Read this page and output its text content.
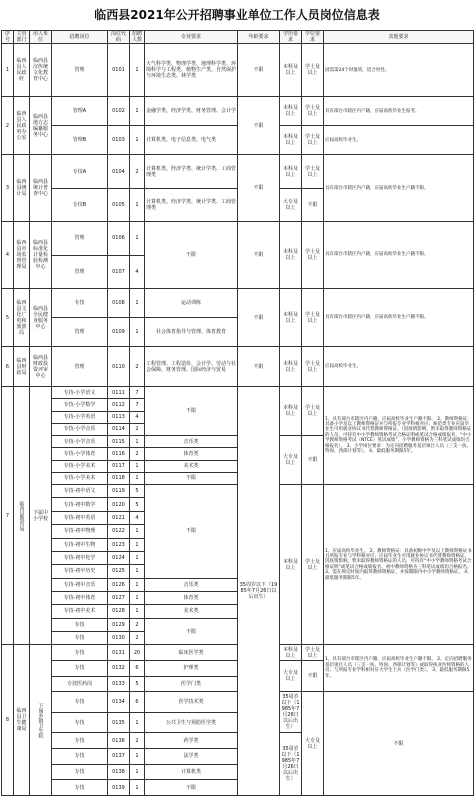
临西县2021年公开招聘事业单位工作人员岗位信息表
序号	主管部门	用人单位	招聘岗位	岗位代码	招聘人数	专业要求	年龄要求	学历要求	学位要求	其他要求	
1	临西县人民政府	临西县汉传统文化教育中心	管理	0101	1	大气科学类、物理学类、地理科学类、环境科学与工程类、植物生产类、自然保护与环境生态类、林学类	不限	本科及以上	学士及以上	园需第24个时值班，适合男性。	
2	临西县人民政府办公室	临西县地方志编纂服务中心	管理A	0102	1	金融学类、经济学类、财务管理、会计学	不限	本科及以上	学士及以上	具有部台市辖区内户籍，应届高校毕业生报考。	
			管理B	0103	1	计算机类、电子信息类、电气类		本科及以上	学士及以上	应届高校毕业生。	
3	临西县统计局	临西县统计普查中心	专技A	0104	2	计算机类、经济学类、统计学类、工商管理类	不限	本科及以上	学士及以上	具有部台市辖区内户籍，应届高校毕业生户籍不限。	
			专技B	0105	1	计算机类、经济学类、统计学类、工商管理类		大专及以上	不限		
4	临西县市场监督管理局	临西县标准化计量检验检测中心	管理	0106	1	不限	不限	本科及以上	学士及以上	具有部台市辖区内户籍，应届高校毕业生户籍不限。	
			管理	0107	4						
5	临西县文化广电和旅游局	临西县全民健身服务中心	专技	0108	1	运动训练	不限	本科及以上	学士及以上	具有部台市辖区内户籍，应届高校毕业生户籍不限。	
			管理	0109	1	社会体育指导与管理、体育教育					
6	临西县财政局	临西县财政投资评审中心	管理	0110	2	工程管理、工程造价、会计学、劳动与社会保障、财务管理、国际经济与贸易	不限	本科及以上	学士及以上	应届高校毕业生。	
7	临西县教育局	下属中小学校	专技-小学语文	0111	7	不限	35周岁以下（1985年7月26日以后出生）	本科及以上	学士及以上	1、具有部台市辖区内户籍，应届高校毕业生户籍不限。 2、教师资格证：具备小学及以上教师资格证并与所报专业学科相对应；师范类专业应届毕业生可用就业协议书代替教师资格证。（因疫情影响，暂未取得教师资格证的人员，可持有中小学教师资格考试合格证明或笔试合格成绩报名，“中小学教师资格考试（NTCE）笔试成绩”，小学教师资格为三科笔试成绩均合格报名）。 3、小学岗位要求：为定向招聘服务基层项目人员（三支一扶、特岗、西部计划等）。 4、最低服务期限5年。	
			专技-小学数学	0112	7						
			专技-小学英语	0113	4						
			专技-小学音乐	0114	2						
			专技-小学音乐	0115	1	音乐类		大专及以上	不限		
			专技-小学体育	0116	2	体育类					
			专技-小学美术	0117	1	美术类					
			专技-小学美术	0118	1	不限					
			专技-初中语文	0119	5	不限		本科及以上	学士及以上	1、应届高校毕业生。 2、教师资格证：具备初级中学及以上教师资格证书且所报专业与学科相对应；应届毕业生可用就业协议书代替教师资格证。因疫情影响，暂未取得教师资格证的人员，可持有“中小学教师资格考试合格证明”或笔试合格成绩报名。初中教师资格为三科笔试成绩均合格报名。 3、需在规定时间内取得教师资格证，并按期限内中小学教师资格证。 4、最低服务期限5年。	
			专技-初中数学	0120	5						
			专技-初中英语	0121	4						
			专技-初中物理	0122	1						
			专技-初中生物	0123	1						
			专技-初中化学	0124	1						
			专技-初中历史	0125	1						
			专技-初中音乐	0126	1	音乐类					
			专技-初中体育	0127	1	体育类					
			专技-初中美术	0128	1	美术类					
			专技	0129	2	不限					
			专技	0130	2						
8	临西县卫生健康局	下属乡镇卫生院	专技	0131	20	临床医学类		本科及以上	学士及以上	1、具有部台市辖区内户籍，应届高校毕业生户籍不限。 2、定向招聘服务基层项目人员（三支一扶、特岗、西部计划等）或取得执业医师资格的人员；与所报专业学科相对应大学生士兵（医学门类）。 3、最低服务期限5年。	
			专技	0132	6	护理类		大专及以上	不限		
			专技医药岗	0133	5	医学门类					
			专技	0134	6	医学技术类		35周岁以下（1985年7月26日以后出生）	大专及以上	不限	
			专技	0135	1	公共卫生与预防医学类					
			专技	0136	2	药学类		35周岁以下（1985年7月26日以后出生）			
			专技	0137	1	法学类					
			专技	0138	1	计算机类					
			专技	0139	1	不限					
